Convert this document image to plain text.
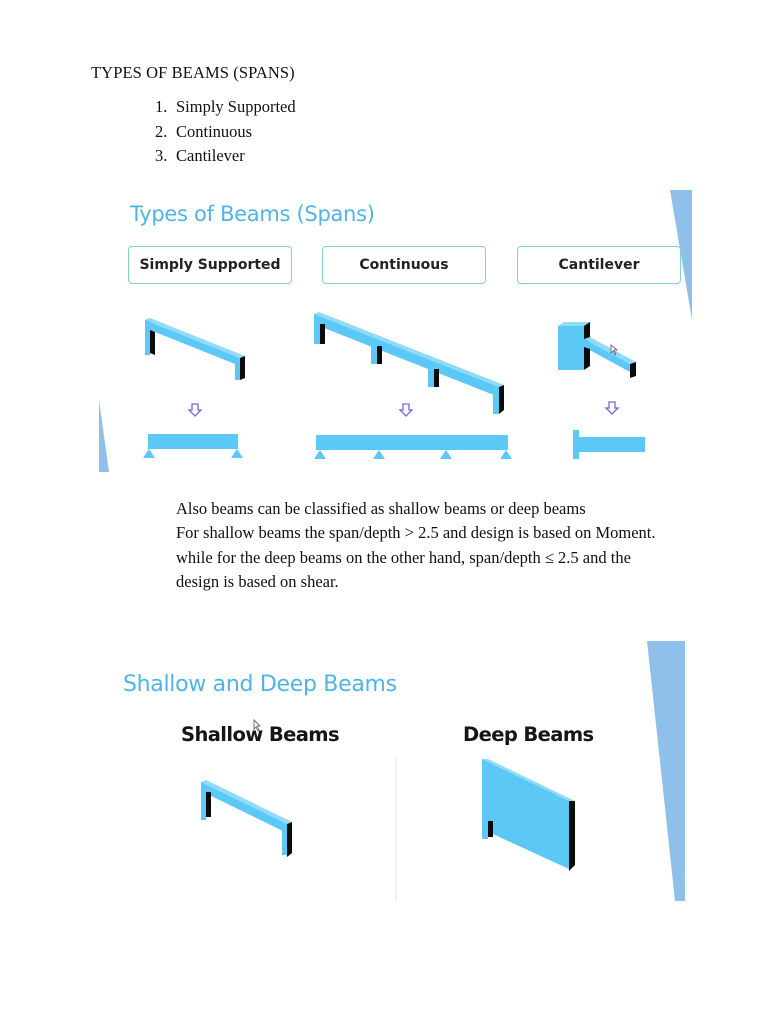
TYPES OF BEAMS (SPANS)
1. Simply Supported
2. Continuous
3. Cantilever
Types of Beams (Spans)
Simply Supported	Continuous	Cantilever

Also beams can be classified as shallow beams or deep beams

For shallow beams the span/depth > 2.5 and design is based on Moment.

while for the deep beams on the other hand, span/depth ≤ 2.5 and the design is based on shear.

Shallow and Deep Beams
Shallow Beams	Deep Beams
